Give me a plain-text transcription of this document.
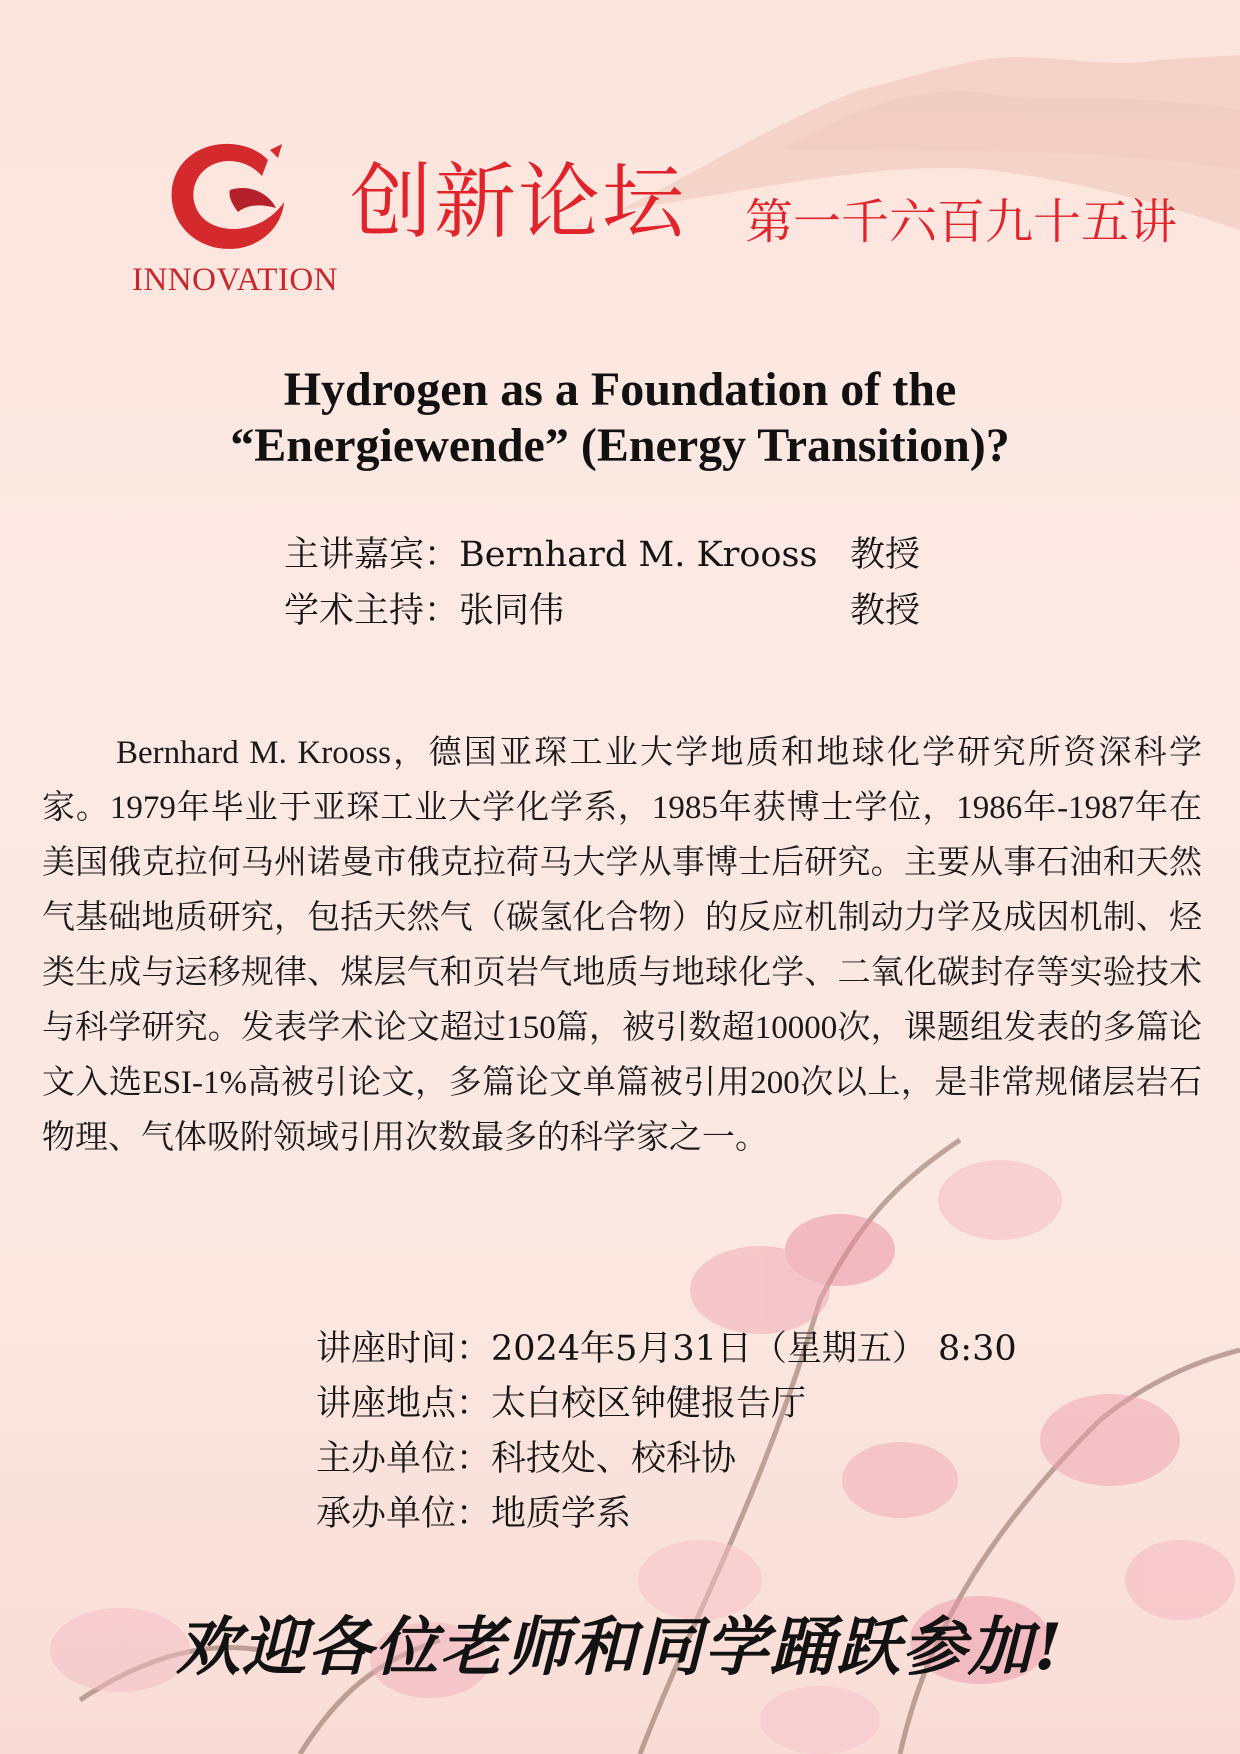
INNOVATION
创新论坛 第一千六百九十五讲
Hydrogen as a Foundation of the
“Energiewende” (Energy Transition)?
主讲嘉宾：Bernhard M. Krooss 教授
学术主持：张同伟	教授
Bernhard M. Krooss，德国亚琛工业大学地质和地球化学研究所资深科学家。1979年毕业于亚琛工业大学化学系，1985年获博士学位，1986年-1987年在美国俄克拉何马州诺曼市俄克拉荷马大学从事博士后研究。主要从事石油和天然气基础地质研究，包括天然气（碳氢化合物）的反应机制动力学及成因机制、烃类生成与运移规律、煤层气和页岩气地质与地球化学、二氧化碳封存等实验技术与科学研究。发表学术论文超过150篇，被引数超10000次，课题组发表的多篇论文入选ESI-1%高被引论文，多篇论文单篇被引用200次以上，是非常规储层岩石物理、气体吸附领域引用次数最多的科学家之一。
讲座时间：2024年5月31日（星期五） 8:30
讲座地点：太白校区钟健报告厅
主办单位：科技处、校科协
承办单位：地质学系
欢迎各位老师和同学踊跃参加!
